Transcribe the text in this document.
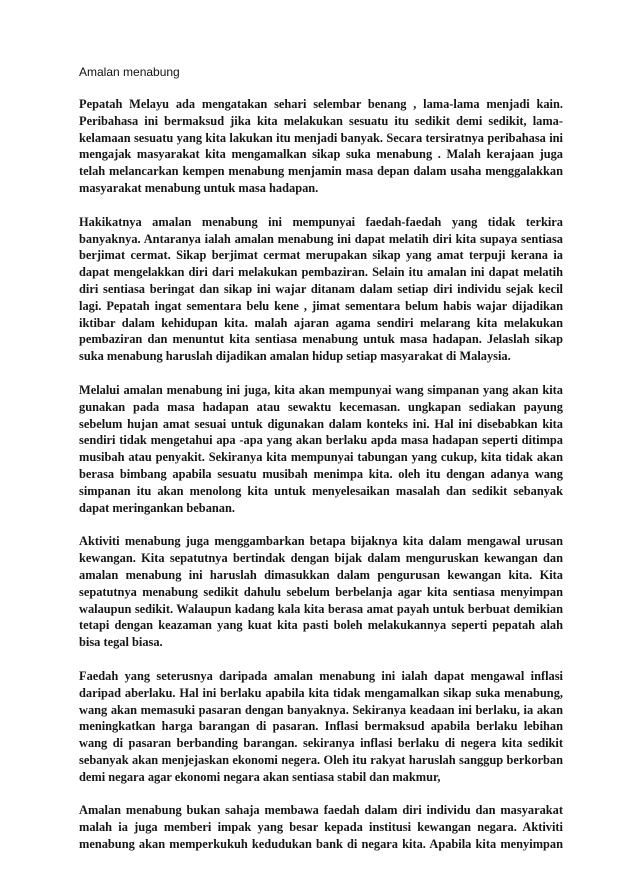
Amalan menabung
Pepatah Melayu ada mengatakan sehari selembar benang , lama-lama menjadi kain.
Peribahasa ini bermaksud jika kita melakukan sesuatu itu sedikit demi sedikit, lama-
kelamaan sesuatu yang kita lakukan itu menjadi banyak. Secara tersiratnya peribahasa ini
mengajak masyarakat kita mengamalkan sikap suka menabung . Malah kerajaan juga
telah melancarkan kempen menabung menjamin masa depan dalam usaha menggalakkan
masyarakat menabung untuk masa hadapan.
Hakikatnya amalan menabung ini mempunyai faedah-faedah yang tidak terkira
banyaknya. Antaranya ialah amalan menabung ini dapat melatih diri kita supaya sentiasa
berjimat cermat. Sikap berjimat cermat merupakan sikap yang amat terpuji kerana ia
dapat mengelakkan diri dari melakukan pembaziran. Selain itu amalan ini dapat melatih
diri sentiasa beringat dan sikap ini wajar ditanam dalam setiap diri individu sejak kecil
lagi. Pepatah ingat sementara belu kene , jimat sementara belum habis wajar dijadikan
iktibar dalam kehidupan kita. malah ajaran agama sendiri melarang kita melakukan
pembaziran dan menuntut kita sentiasa menabung untuk masa hadapan. Jelaslah sikap
suka menabung haruslah dijadikan amalan hidup setiap masyarakat di Malaysia.
Melalui amalan menabung ini juga, kita akan mempunyai wang simpanan yang akan kita
gunakan pada masa hadapan atau sewaktu kecemasan. ungkapan sediakan payung
sebelum hujan amat sesuai untuk digunakan dalam konteks ini. Hal ini disebabkan kita
sendiri tidak mengetahui apa -apa yang akan berlaku apda masa hadapan seperti ditimpa
musibah atau penyakit. Sekiranya kita mempunyai tabungan yang cukup, kita tidak akan
berasa bimbang apabila sesuatu musibah menimpa kita. oleh itu dengan adanya wang
simpanan itu akan menolong kita untuk menyelesaikan masalah dan sedikit sebanyak
dapat meringankan bebanan.
Aktiviti menabung juga menggambarkan betapa bijaknya kita dalam mengawal urusan
kewangan. Kita sepatutnya bertindak dengan bijak dalam menguruskan kewangan dan
amalan menabung ini haruslah dimasukkan dalam pengurusan kewangan kita. Kita
sepatutnya menabung sedikit dahulu sebelum berbelanja agar kita sentiasa menyimpan
walaupun sedikit. Walaupun kadang kala kita berasa amat payah untuk berbuat demikian
tetapi dengan keazaman yang kuat kita pasti boleh melakukannya seperti pepatah alah
bisa tegal biasa.
Faedah yang seterusnya daripada amalan menabung ini ialah dapat mengawal inflasi
daripad aberlaku. Hal ini berlaku apabila kita tidak mengamalkan sikap suka menabung,
wang akan memasuki pasaran dengan banyaknya. Sekiranya keadaan ini berlaku, ia akan
meningkatkan harga barangan di pasaran. Inflasi bermaksud apabila berlaku lebihan
wang di pasaran berbanding barangan. sekiranya inflasi berlaku di negera kita sedikit
sebanyak akan menjejaskan ekonomi negera. Oleh itu rakyat haruslah sanggup berkorban
demi negara agar ekonomi negara akan sentiasa stabil dan makmur,
Amalan menabung bukan sahaja membawa faedah dalam diri individu dan masyarakat
malah ia juga memberi impak yang besar kepada institusi kewangan negara. Aktiviti
menabung akan memperkukuh kedudukan bank di negara kita. Apabila kita menyimpan
